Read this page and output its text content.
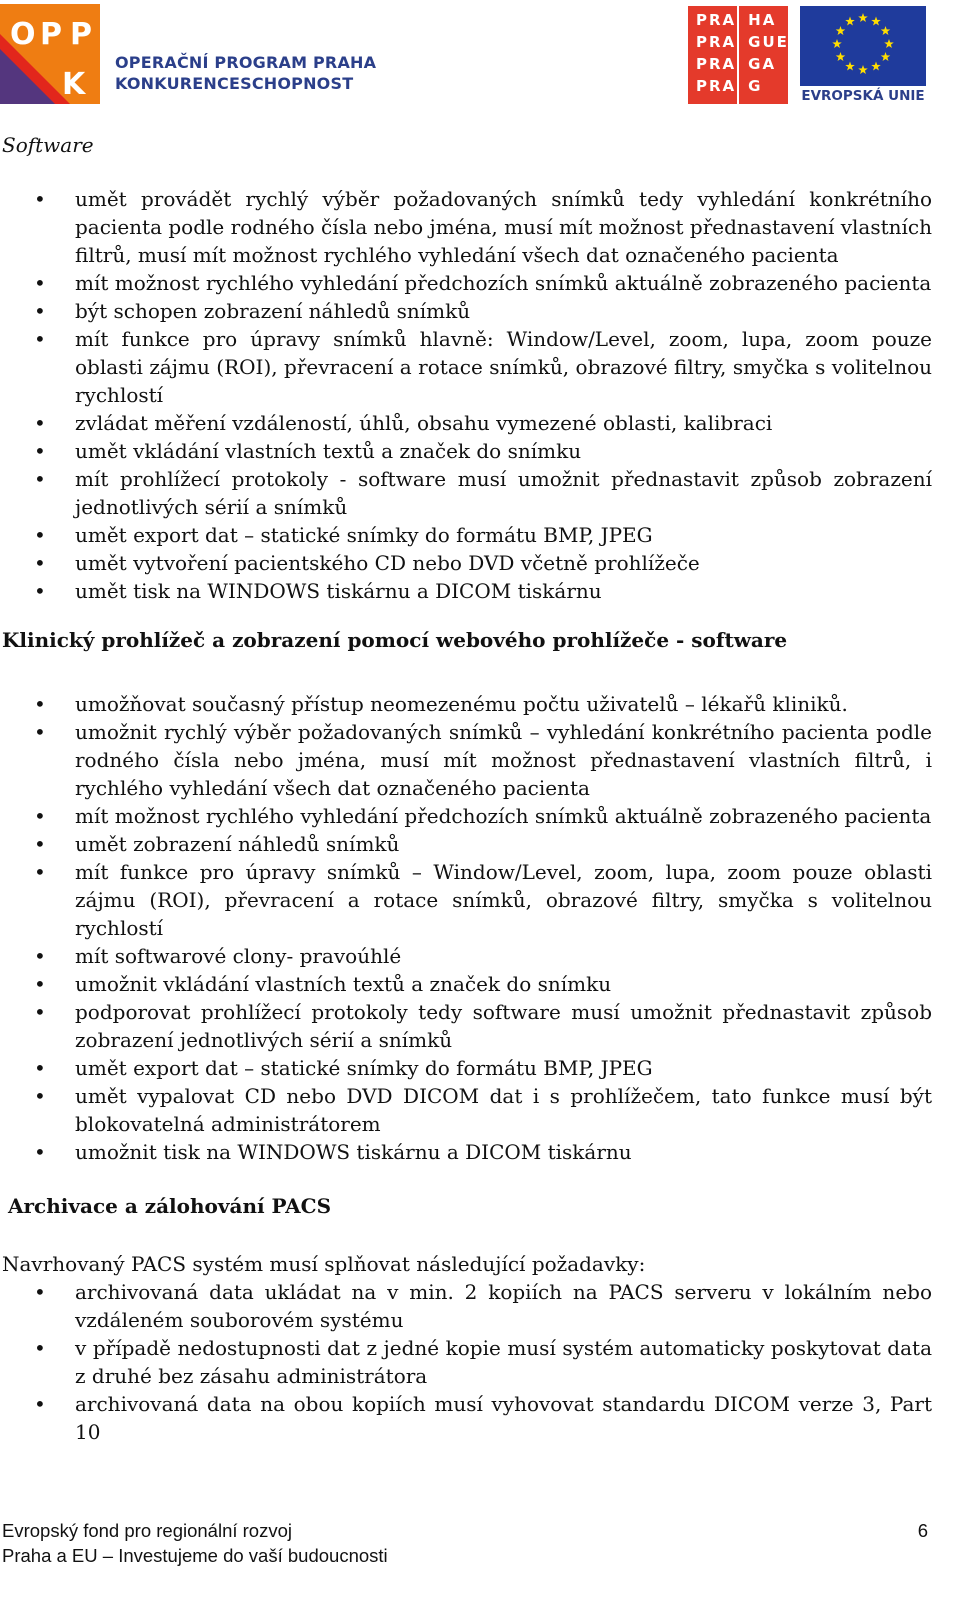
O P P
K
OPERAČNÍ PROGRAM PRAHA
KONKURENCESCHOPNOST
PRA HA
PRA GUE
PRA GA
PRA G
EVROPSKÁ UNIE
Software
• umět provádět rychlý výběr požadovaných snímků tedy vyhledání konkrétního pacienta podle rodného čísla nebo jména, musí mít možnost přednastavení vlastních filtrů, musí mít možnost rychlého vyhledání všech dat označeného pacienta
• mít možnost rychlého vyhledání předchozích snímků aktuálně zobrazeného pacienta
• být schopen zobrazení náhledů snímků
• mít funkce pro úpravy snímků hlavně: Window/Level, zoom, lupa, zoom pouze oblasti zájmu (ROI), převracení a rotace snímků, obrazové filtry, smyčka s volitelnou rychlostí
• zvládat měření vzdáleností, úhlů, obsahu vymezené oblasti, kalibraci
• umět vkládání vlastních textů a značek do snímku
• mít prohlížecí protokoly - software musí umožnit přednastavit způsob zobrazení jednotlivých sérií a snímků
• umět export dat – statické snímky do formátu BMP, JPEG
• umět vytvoření pacientského CD nebo DVD včetně prohlížeče
• umět tisk na WINDOWS tiskárnu a DICOM tiskárnu
Klinický prohlížeč a zobrazení pomocí webového prohlížeče - software
• umožňovat současný přístup neomezenému počtu uživatelů – lékařů kliniků.
• umožnit rychlý výběr požadovaných snímků – vyhledání konkrétního pacienta podle rodného čísla nebo jména, musí mít možnost přednastavení vlastních filtrů, i rychlého vyhledání všech dat označeného pacienta
• mít možnost rychlého vyhledání předchozích snímků aktuálně zobrazeného pacienta
• umět zobrazení náhledů snímků
• mít funkce pro úpravy snímků – Window/Level, zoom, lupa, zoom pouze oblasti zájmu (ROI), převracení a rotace snímků, obrazové filtry, smyčka s volitelnou rychlostí
• mít softwarové clony- pravoúhlé
• umožnit vkládání vlastních textů a značek do snímku
• podporovat prohlížecí protokoly tedy software musí umožnit přednastavit způsob zobrazení jednotlivých sérií a snímků
• umět export dat – statické snímky do formátu BMP, JPEG
• umět vypalovat CD nebo DVD DICOM dat i s prohlížečem, tato funkce musí být blokovatelná administrátorem
• umožnit tisk na WINDOWS tiskárnu a DICOM tiskárnu
Archivace a zálohování PACS
Navrhovaný PACS systém musí splňovat následující požadavky:
• archivovaná data ukládat na v min. 2 kopiích na PACS serveru v lokálním nebo vzdáleném souborovém systému
• v případě nedostupnosti dat z jedné kopie musí systém automaticky poskytovat data z druhé bez zásahu administrátora
• archivovaná data na obou kopiích musí vyhovovat standardu DICOM verze 3, Part 10
Evropský fond pro regionální rozvoj
Praha a EU – Investujeme do vaší budoucnosti
6
